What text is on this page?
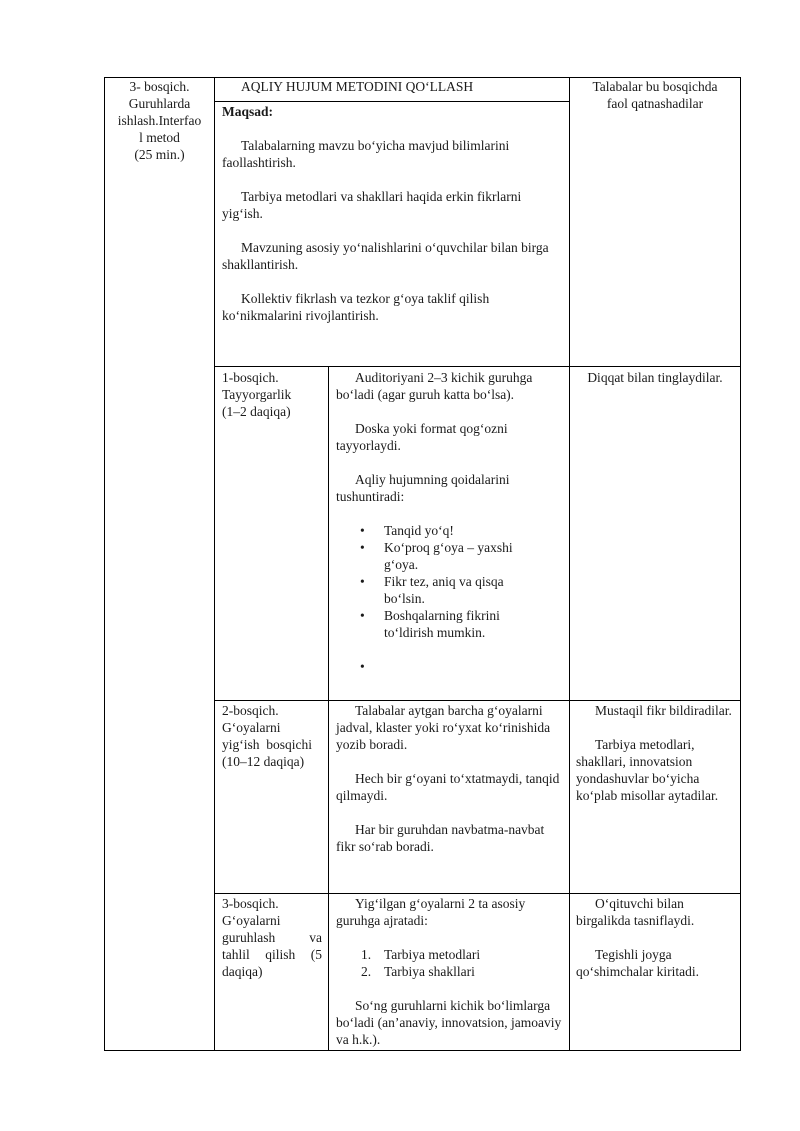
3- bosqich.

Guruhlarda

ishlash.Interfao

l metod

(25 min.)

AQLIY HUJUM METODINI QO‘LLASH	Talabalar bu bosqichda

faol qatnashadilar

Maqsad:

Talabalarning mavzu bo‘yicha mavjud bilimlarini faollashtirish.

Tarbiya metodlari va shakllari haqida erkin fikrlarni yig‘ish.

Mavzuning asosiy yo‘nalishlarini o‘quvchilar bilan birga shakllantirish.

Kollektiv fikrlash va tezkor g‘oya taklif qilish ko‘nikmalarini rivojlantirish.

1-bosqich.

Tayyorgarlik

(1–2 daqiqa)

Auditoriyani 2–3 kichik guruhga bo‘ladi (agar guruh katta bo‘lsa).

Doska yoki format qog‘ozni tayyorlaydi.

Aqliy hujumning qoidalarini tushuntiradi:

• Tanqid yo‘q!
• Ko‘proq g‘oya – yaxshi g‘oya.
• Fikr tez, aniq va qisqa bo‘lsin.
• Boshqalarning fikrini to‘ldirish mumkin.
•

Diqqat bilan tinglaydilar.

2-bosqich.

G‘oyalarni

yig‘ish  bosqichi

(10–12 daqiqa)

Talabalar aytgan barcha g‘oyalarni jadval, klaster yoki ro‘yxat ko‘rinishida yozib boradi.

Hech bir g‘oyani to‘xtatmaydi, tanqid qilmaydi.

Har bir guruhdan navbatma-navbat fikr so‘rab boradi.

Mustaqil fikr bildiradilar.

Tarbiya metodlari, shakllari, innovatsion yondashuvlar bo‘yicha ko‘plab misollar aytadilar.

3-bosqich.

G‘oyalarni

guruhlash va

tahlil qilish (5

daqiqa)

Yig‘ilgan g‘oyalarni 2 ta asosiy guruhga ajratadi:

1. Tarbiya metodlari
2. Tarbiya shakllari

So‘ng guruhlarni kichik bo‘limlarga bo‘ladi (an’anaviy, innovatsion, jamoaviy va h.k.).

O‘qituvchi bilan birgalikda tasniflaydi.

Tegishli joyga qo‘shimchalar kiritadi.
